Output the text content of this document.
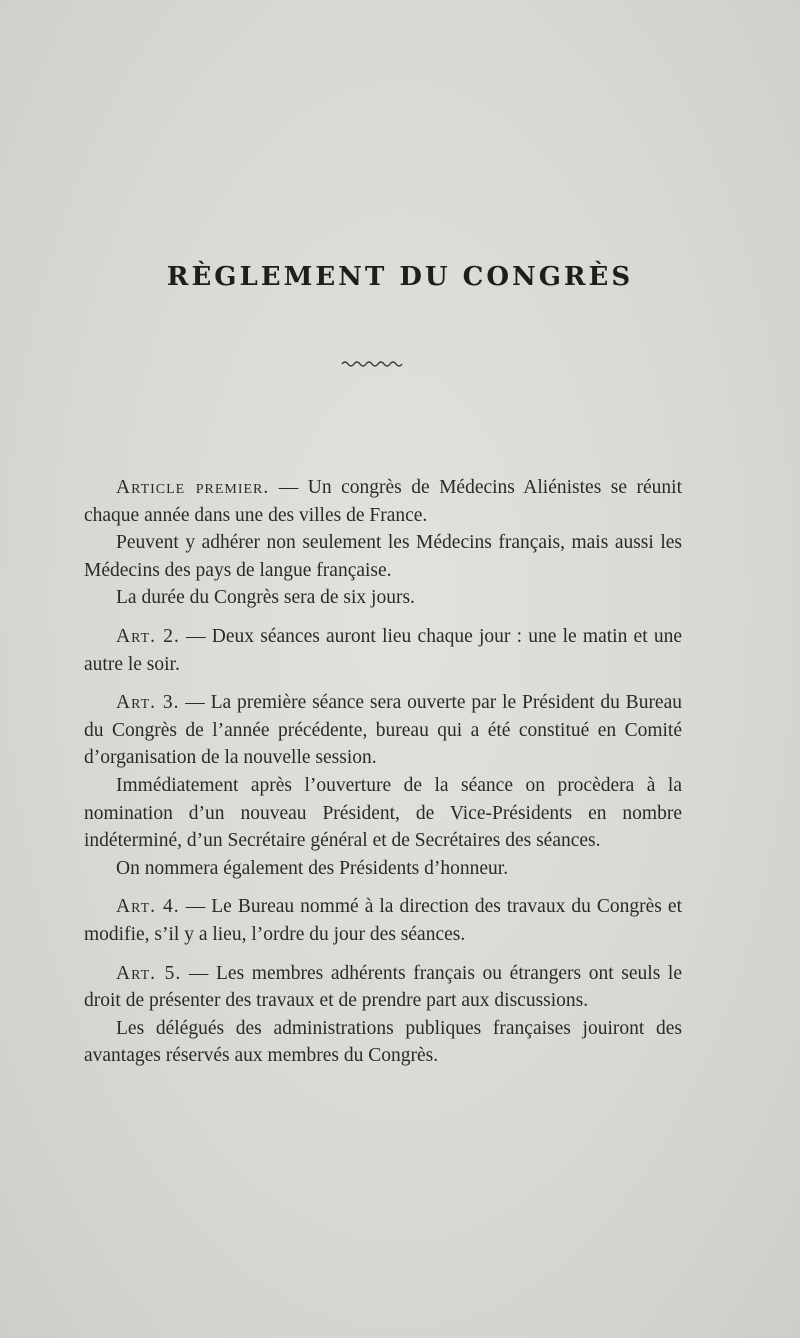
RÈGLEMENT DU CONGRÈS

Article premier. — Un congrès de Médecins Aliénistes se réunit chaque année dans une des villes de France.

Peuvent y adhérer non seulement les Médecins français, mais aussi les Médecins des pays de langue française.

La durée du Congrès sera de six jours.

Art. 2. — Deux séances auront lieu chaque jour : une le matin et une autre le soir.

Art. 3. — La première séance sera ouverte par le Président du Bureau du Congrès de l’année précédente, bureau qui a été constitué en Comité d’organisation de la nouvelle session.

Immédiatement après l’ouverture de la séance on procèdera à la nomination d’un nouveau Président, de Vice-Présidents en nombre indéterminé, d’un Secrétaire général et de Secrétaires des séances.

On nommera également des Présidents d’honneur.

Art. 4. — Le Bureau nommé à la direction des travaux du Congrès et modifie, s’il y a lieu, l’ordre du jour des séances.

Art. 5. — Les membres adhérents français ou étrangers ont seuls le droit de présenter des travaux et de prendre part aux discussions.

Les délégués des administrations publiques françaises jouiront des avantages réservés aux membres du Congrès.
